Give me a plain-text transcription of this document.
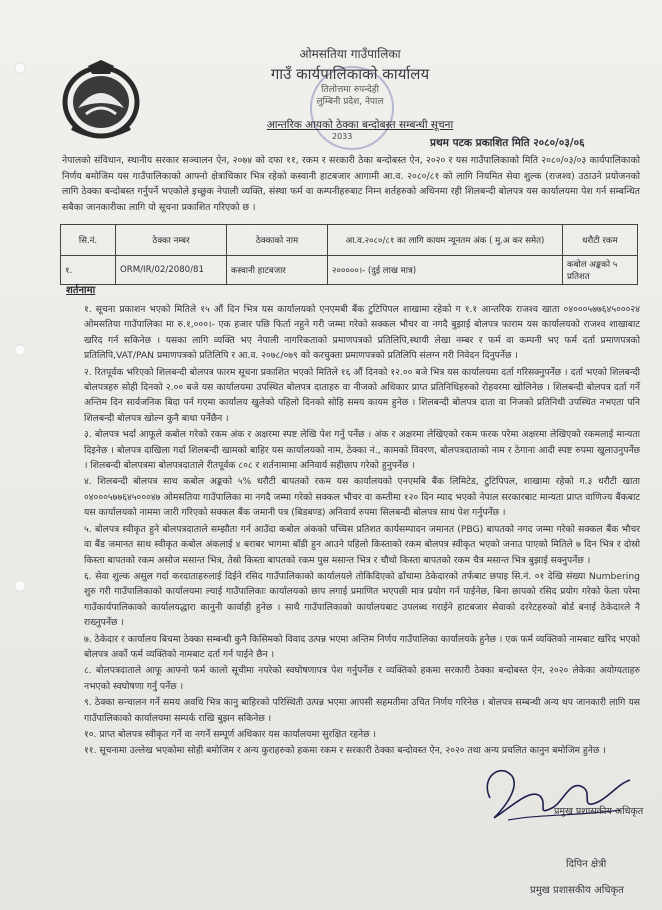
ओमसतिया गाउँपालिका
गाउँ कार्यपालिकाको कार्यालय
तिलोत्तमा रुपन्देही
लुम्बिनी प्रदेश, नेपाल
आन्तरिक आयको ठेक्का बन्दोबस्त सम्बन्धी सूचना
2033
प्रथम पटक प्रकाशित मिति २०८०/०३/०६
नेपालको संविधान, स्थानीय सरकार सञ्चालन ऐन, २०७४ को दफा ११, रकम र सरकारी ठेका बन्दोबस्त ऐन, २०२० र यस गाउँपालिकाको मिति २०८०/०३/०३ कार्यपालिकाको निर्णय बमोजिम यस गाउँपालिकाको आफ्नो क्षेत्राधिकार भित्र रहेको कस्वानी हाटबजार आगामी आ.व. २०८०/८१ को लागि नियमित सेवा शुल्क (राजश्व) उठाउने प्रयोजनको लागि ठेक्का बन्दोबस्त गर्नुपर्ने भएकोले इच्छुक नेपाली व्यक्ति, संस्था फर्म वा कम्पनीहरुबाट निम्न शर्तहरुको अधिनमा रही शिलबन्दी बोलपत्र यस कार्यालयमा पेश गर्न सम्बन्धित सबैका जानकारीका लागि यो सूचना प्रकाशित गरिएको छ ।
सि.नं.	ठेक्का नम्बर	ठेक्काको नाम	आ.व.२०८०/८१ का लागि कायम न्यूनतम अंक ( मु.अ कर समेत)	धरौटी रकम
१.	ORM/IR/02/2080/81	कस्वानी हाटबजार	२०००००।- (दुई लाख मात्र)	कबोल अङ्कको ५ प्रतिशत
शर्तनामा

१. सूचना प्रकाशन भएको मितिले १५ औं दिन भित्र यस कार्यालयको एनएमबी बैंक टुटिपिपल शाखामा रहेको ग १.१ आन्तरिक राजश्व खाता ०४०००५७७६४५०००२४ ओमसतिया गाउँपालिका मा रु.१,०००।- एक हजार पछि फिर्ता नहुने गरी जम्मा गरेको सक्कल भौचर वा नगदै बुझाई बोलपत्र फाराम यस कार्यालयको राजश्व शाखाबाट खरिद गर्न सकिनेछ । यसका लागि व्यक्ति भए नेपाली नागरिकताको प्रमाणपत्रको प्रतिलिपि,स्थायी लेखा नम्बर र फर्म वा कम्पनी भए फर्म दर्ता प्रमाणपत्रको प्रतिलिपि,VAT/PAN प्रमाणपत्रको प्रतिलिपि र आ.व. २०७८/०७९ को करचुक्ता प्रमाणपत्रको प्रतिलिपि संलग्न गरी निवेदन दिनुपर्नेछ ।

२. रितपूर्वक भरिएको शिलबन्दी बोलपत्र फारम सूचना प्रकाशित भएको मितिले १६ औं दिनको १२.०० बजे भित्र यस कार्यालयमा दर्ता गरिसक्नुपर्नेछ । दर्ता भएको शिलबन्दी बोलपत्रहरु सोही दिनको २.०० बजे यस कार्यालयमा उपस्थित बोलपत्र दाताहरु वा नीजको अधिकार प्राप्त प्रतिनिधिहरुको रोहवरमा खोलिनेछ । शिलबन्दी बोलपत्र दर्ता गर्ने अन्तिम दिन सार्वजनिक बिदा पर्न गएमा कार्यालय खुलेको पहिलो दिनको सोहि समय कायम हुनेछ । शिलबन्दी बोलपत्र दाता वा निजको प्रतिनिधी उपस्थित नभएता पनि शिलबन्दी बोलपत्र खोल्न कुनै बाधा पर्नेछैन ।

३. बोलपत्र भर्दा आफूले कबोल गरेको रकम अंक र अक्षरमा स्पष्ट लेखि पेश गर्नु पर्नेछ । अंक र अक्षरमा लेखिएको रकम फरक परेमा अक्षरमा लेखिएको रकमलाई मान्यता दिइनेछ । बोलपत्र दाखिला गर्दा शिलबन्दी खामको बाहिर यस कार्यालयको नाम, ठेक्का नं., कामको विवरण, बोलपत्रदाताको नाम र ठेगाना आदी स्पष्ट रुपमा खुलाउनुपर्नेछ । शिलबन्दी बोलपत्रमा बोलपत्रदाताले रीतपूर्वक ८०८ र शर्तनामामा अनिवार्य सहीछाप गरेको हुनुपर्नेछ ।

४. शिलबन्दी बोलपत्र साथ कबोल अङ्कको ५% धरौटी बापतको रकम यस कार्यालयको एनएमबि बैंक लिमिटेड, टुटिपिपल, शाखामा रहेको ग.३ धरौटी खाता ०४०००५७७६४५०००४७ ओमसतिया गाउँपालिका मा नगदै जम्मा गरेको सक्कल भौचर वा कम्तीमा १२० दिन म्याद भएको नेपाल सरकारबाट मान्यता प्राप्त वाणिज्य बैंकबाट यस कार्यालयको नाममा जारी गरिएको सक्कल बैंक जमानी पत्र (बिडबण्ड) अनिवार्य रुपमा सिलबन्दी बोलपत्र साथ पेश गर्नुपर्नेछ ।

५. बोलपत्र स्वीकृत हुने बोलपत्रदाताले सम्झौता गर्न आउँदा कबोल अंकको पच्चिस प्रतिशत कार्यसम्पादन जमानत (PBG) बापतको नगद जम्मा गरेको सक्कल बैंक भौचर वा बैंड जमानत साथ स्वीकृत कबोल अंकलाई ४ बराबर भागमा बाँडी हुन आउने पहिलो किस्ताको रकम बोलपत्र स्वीकृत भएको जनाउ पाएको मितिले ७ दिन भित्र र दोस्रो किस्ता बापतको रकम असोज मसान्त भित्र, तेस्रो किस्ता बापतको रकम पुस मसान्त भित्र र चौथो किस्ता बापतको रकम चैत्र मसान्त भित्र बुझाई सक्नुपर्नेछ ।

६. सेवा शुल्क असुल गर्दा करदाताहरुलाई दिईने रसिद गाउँपालिकाको कार्यालयले तोकिदिएको ढाँचामा ठेकेदारको तर्फबाट छपाइ सि.नं. ०१ देखि संख्या Numbering शुरु गरी गाउँपालिकाको कार्यालयमा ल्याई गाउँपालिकाः कार्यालयको छाप लगाई प्रमाणित भएपछी मात्र प्रयोग गर्न पाईनेछ, बिना छापको रसिद प्रयोग गरेको फेला परेमा गाउँकार्यपालिकाको कार्यालयद्धारा कानुनी कार्वाही हुनेछ । साथै गाउँपालिकाको कार्यालयबाट उपलब्ध गराईने हाटबजार सेवाको दररेटहरुको बोर्ड बनाई ठेकेदारले नै राख्नुपर्नेछ ।

७. ठेकेदार र कार्यालय बिचमा ठेक्का सम्बन्धी कुनै किसिमको विवाद उत्पन्न भएमा अन्तिम निर्णय गाउँपालिका कार्यालयके हुनेछ । एक फर्म व्यक्तिको नामबाट खरिद भएको बोलपत्र अर्को फर्म व्यक्तिको नामबाट दर्ता गर्न पाईने छैन ।

८. बोलपत्रदाताले आफू आफ्नो फर्म कालो सूचीमा नपरेको स्वघोषणापत्र पेश गर्नुपर्नेछ र व्यक्तिको हकमा सरकारी ठेक्का बन्दोबस्त ऐन, २०२० लेकेका अयोग्यताहरु नभएको स्वघोषणा गर्नु पर्नेछ ।

९. ठेक्का सन्चालन गर्ने समय अवधि भित्र कानु बाहिरको परिस्थिती उत्पन्न भएमा आपसी सहमतीमा उचित निर्णय गरिनेछ । बोलपत्र सम्बन्धी अन्य थप जानकारी लागि यस गाउँपालिकाको कार्यालयमा सम्पर्क राखि बुझन सकिनेछ ।

१०. प्राप्त बोलपत्र स्वीकृत गर्ने वा नगर्ने सम्पूर्ण अधिकार यस कार्यालयमा सुरक्षित रहनेछ ।

११. सूचनामा उल्लेख भएकोमा सोही बमोजिम र अन्य कुराहरुको हकमा रकम र सरकारी ठेक्का बन्दोवस्त ऐन, २०२० तथा अन्य प्रचलित कानुन बमोजिम हुनेछ ।

प्रमुख प्रशासकीय अधिकृत
दिपिन क्षेत्री
प्रमुख प्रशासकीय अधिकृत
